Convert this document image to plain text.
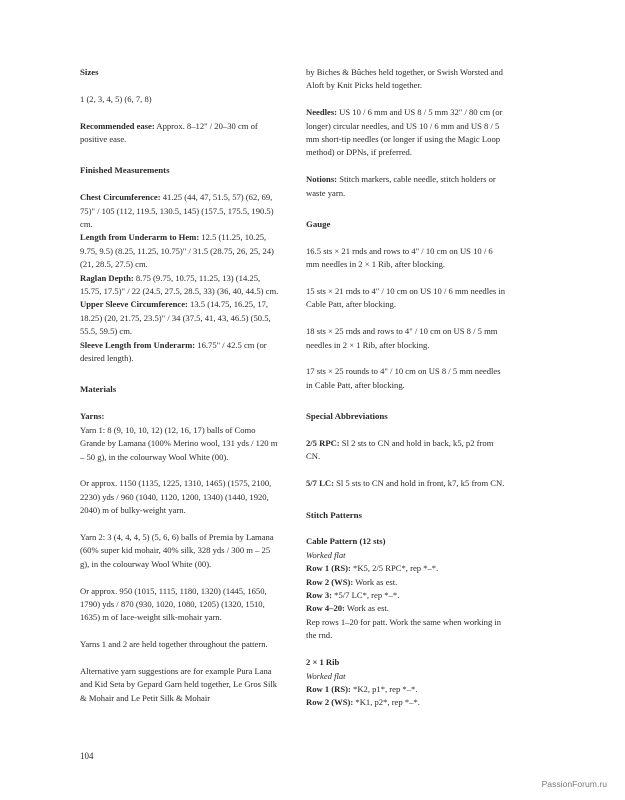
Sizes

1 (2, 3, 4, 5) (6, 7, 8)

Recommended ease: Approx. 8–12" / 20–30 cm of positive ease.

Finished Measurements

Chest Circumference: 41.25 (44, 47, 51.5, 57) (62, 69, 75)" / 105 (112, 119.5, 130.5, 145) (157.5, 175.5, 190.5) cm.

Length from Underarm to Hem: 12.5 (11.25, 10.25, 9.75, 9.5) (8.25, 11.25, 10.75)" / 31.5 (28.75, 26, 25, 24) (21, 28.5, 27.5) cm.

Raglan Depth: 8.75 (9.75, 10.75, 11.25, 13) (14.25, 15.75, 17.5)" / 22 (24.5, 27.5, 28.5, 33) (36, 40, 44.5) cm.

Upper Sleeve Circumference: 13.5 (14.75, 16.25, 17, 18.25) (20, 21.75, 23.5)" / 34 (37.5, 41, 43, 46.5) (50.5, 55.5, 59.5) cm.

Sleeve Length from Underarm: 16.75" / 42.5 cm (or desired length).

Materials

Yarns:

Yarn 1: 8 (9, 10, 10, 12) (12, 16, 17) balls of Como Grande by Lamana (100% Merino wool, 131 yds / 120 m – 50 g), in the colourway Wool White (00).

Or approx. 1150 (1135, 1225, 1310, 1465) (1575, 2100, 2230) yds / 960 (1040, 1120, 1200, 1340) (1440, 1920, 2040) m of bulky-weight yarn.

Yarn 2: 3 (4, 4, 4, 5) (5, 6, 6) balls of Premia by Lamana (60% super kid mohair, 40% silk, 328 yds / 300 m – 25 g), in the colourway Wool White (00).

Or approx. 950 (1015, 1115, 1180, 1320) (1445, 1650, 1790) yds / 870 (930, 1020, 1080, 1205) (1320, 1510, 1635) m of lace-weight silk-mohair yarn.

Yarns 1 and 2 are held together throughout the pattern.

Alternative yarn suggestions are for example Pura Lana and Kid Seta by Gepard Garn held together, Le Gros Silk & Mohair and Le Petit Silk & Mohair

by Biches & Bûches held together, or Swish Worsted and Aloft by Knit Picks held together.

Needles: US 10 / 6 mm and US 8 / 5 mm 32" / 80 cm (or longer) circular needles, and US 10 / 6 mm and US 8 / 5 mm short-tip needles (or longer if using the Magic Loop method) or DPNs, if preferred.

Notions: Stitch markers, cable needle, stitch holders or waste yarn.

Gauge

16.5 sts × 21 rnds and rows to 4" / 10 cm on US 10 / 6 mm needles in 2 × 1 Rib, after blocking.

15 sts × 21 rnds to 4" / 10 cm on US 10 / 6 mm needles in Cable Patt, after blocking.

18 sts × 25 rnds and rows to 4" / 10 cm on US 8 / 5 mm needles in 2 × 1 Rib, after blocking.

17 sts × 25 rounds to 4" / 10 cm on US 8 / 5 mm needles in Cable Patt, after blocking.

Special Abbreviations

2/5 RPC: Sl 2 sts to CN and hold in back, k5, p2 from CN.

5/7 LC: Sl 5 sts to CN and hold in front, k7, k5 from CN.

Stitch Patterns

Cable Pattern (12 sts)

Worked flat

Row 1 (RS): *K5, 2/5 RPC*, rep *–*.

Row 2 (WS): Work as est.

Row 3: *5/7 LC*, rep *–*.

Row 4–20: Work as est.

Rep rows 1–20 for patt. Work the same when working in the rnd.

2 × 1 Rib

Worked flat

Row 1 (RS): *K2, p1*, rep *–*.

Row 2 (WS): *K1, p2*, rep *–*.

104
PassionForum.ru
